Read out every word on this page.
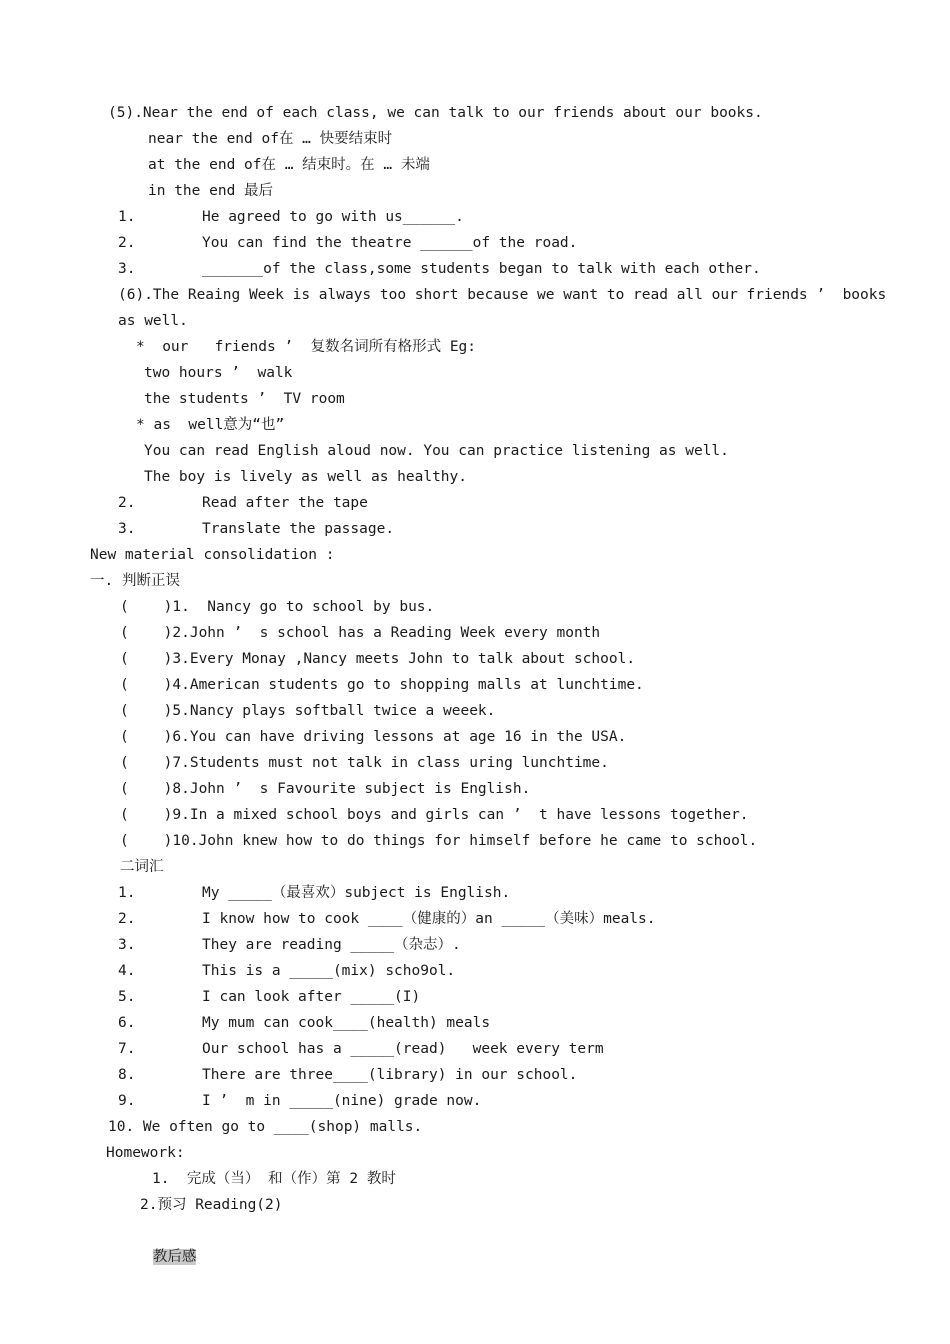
(5).Near the end of each class, we can talk to our friends about our books.
near the end of在 … 快要结束时
at the end of在 … 结束时。在 … 未端
in the end 最后
1.	He agreed to go with us______.
2.	You can find the theatre ______of the road.
3.	_______of the class,some students began to talk with each other.
(6).The Reaing Week is always too short because we want to read all our friends ’  books
as well.
*  our   friends ’  复数名词所有格形式 Eg:
two hours ’  walk
the students ’  TV room
* as  well意为“也”
You can read English aloud now. You can practice listening as well.
The boy is lively as well as healthy.
2.	Read after the tape
3.	Translate the passage.
New material consolidation :
一. 判断正误
(    )1.  Nancy go to school by bus.
(    )2.John ’  s school has a Reading Week every month
(    )3.Every Monay ,Nancy meets John to talk about school.
(    )4.American students go to shopping malls at lunchtime.
(    )5.Nancy plays softball twice a weeek.
(    )6.You can have driving lessons at age 16 in the USA.
(    )7.Students must not talk in class uring lunchtime.
(    )8.John ’  s Favourite subject is English.
(    )9.In a mixed school boys and girls can ’  t have lessons together.
(    )10.John knew how to do things for himself before he came to school.
二词汇
1.	My _____（最喜欢）subject is English.
2.	I know how to cook ____（健康的）an _____（美味）meals.
3.	They are reading _____（杂志）.
4.	This is a _____(mix) scho9ol.
5.	I can look after _____(I)
6.	My mum can cook____(health) meals
7.	Our school has a _____(read)   week every term
8.	There are three____(library) in our school.
9.	I ’  m in _____(nine) grade now.
10. We often go to ____(shop) malls.
Homework:
1.  完成（当） 和（作）第 2 教时
2.预习 Reading(2)

教后感
